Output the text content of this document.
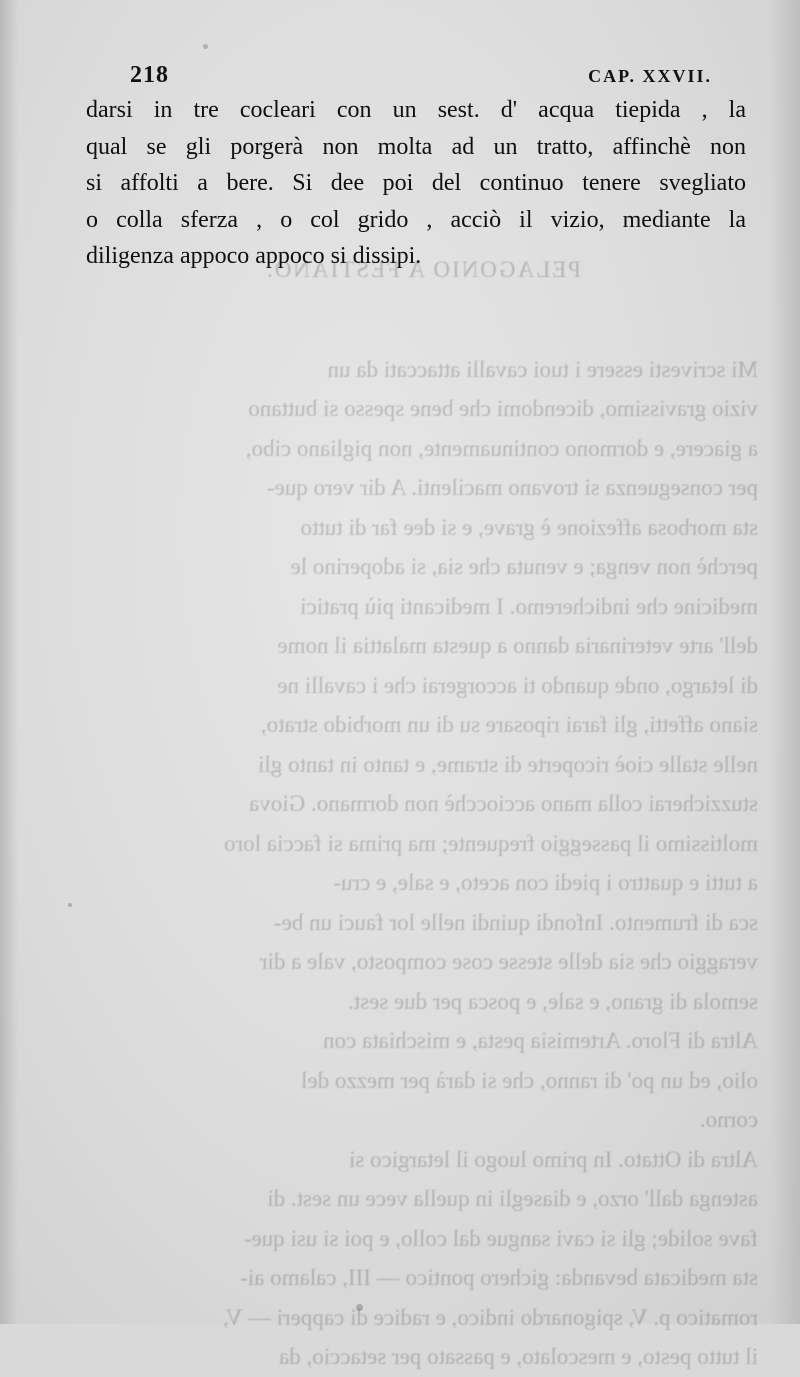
PELAGONIO A FESTIANO.
Mi scrivesti essere i tuoi cavalli attaccati da un
vizio gravissimo, dicendomi che bene spesso si buttano
a giacere, e dormono continuamente, non pigliano cibo,
per conseguenza si trovano macilenti. A dir vero que-
sta morbosa affezione è grave, e si dee far di tutto
perchè non venga; e venuta che sia, si adoperino le
medicine che indicheremo. I medicanti più pratici
dell' arte veterinaria danno a questa malattia il nome
di letargo, onde quando ti accorgerai che i cavalli ne
siano affetti, gli farai riposare su di un morbido strato,
nelle stalle cioè ricoperte di strame, e tanto in tanto gli
stuzzicherai colla mano acciocchè non dormano. Giova
moltissimo il passeggio frequente; ma prima si faccia loro
a tutti e quattro i piedi con aceto, e sale, e cru-
sca di frumento. Infondi quindi nelle lor fauci un be-
veraggio che sia delle stesse cose composto, vale a dir
semola di grano, e sale, e posca per due sest.
Altra di Floro. Artemisia pesta, e mischiata con
olio, ed un po' di ranno, che si darà per mezzo del
corno.
Altra di Ottato. In primo luogo il letargico si
astenga dall' orzo, e diasegli in quella vece un sest. di
fave solide; gli si cavi sangue dal collo, e poi si usi que-
sta medicata bevanda: gichero pontico — III, calamo ai-
romatico p. V, spigonardo indico, e radice di capperi — V,
il tutto pesto, e mescolato, e passato per setaccio, da
218	CAP. XXVII.
darsi in tre cocleari con un sest. d' acqua tiepida , la
qual se gli porgerà non molta ad un tratto, affinchè non
si affolti a bere. Si dee poi del continuo tenere svegliato
o colla sferza , o col grido , acciò il vizio, mediante la
diligenza appoco appoco si dissipi.
